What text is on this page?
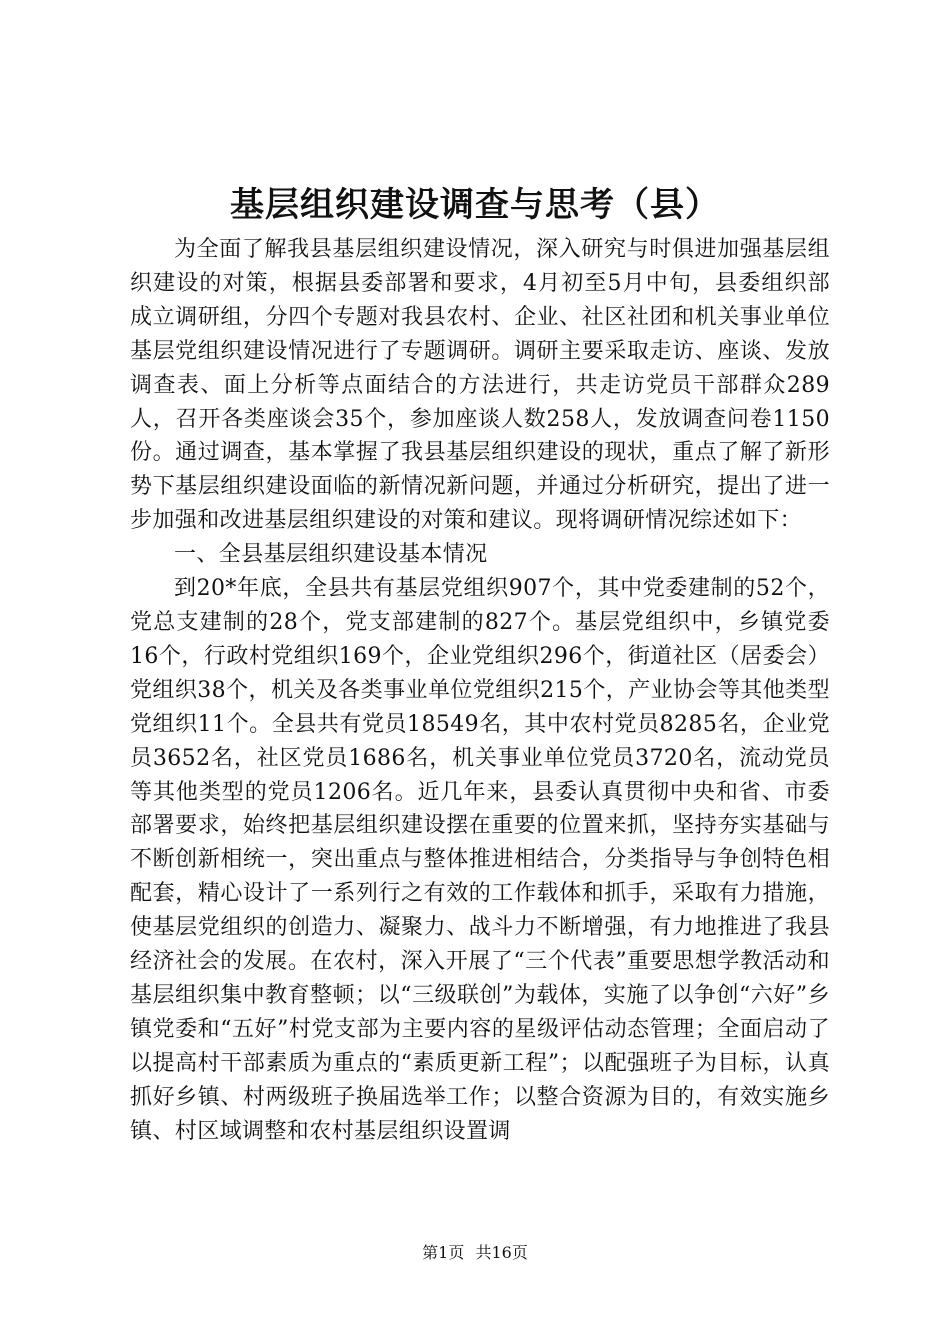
基层组织建设调查与思考（县）

为全面了解我县基层组织建设情况，深入研究与时俱进加强基层组织建设的对策，根据县委部署和要求，4月初至5月中旬，县委组织部成立调研组，分四个专题对我县农村、企业、社区社团和机关事业单位基层党组织建设情况进行了专题调研。调研主要采取走访、座谈、发放调查表、面上分析等点面结合的方法进行，共走访党员干部群众289人，召开各类座谈会35个，参加座谈人数258人，发放调查问卷1150份。通过调查，基本掌握了我县基层组织建设的现状，重点了解了新形势下基层组织建设面临的新情况新问题，并通过分析研究，提出了进一步加强和改进基层组织建设的对策和建议。现将调研情况综述如下：

一、全县基层组织建设基本情况

到20*年底，全县共有基层党组织907个，其中党委建制的52个，党总支建制的28个，党支部建制的827个。基层党组织中，乡镇党委16个，行政村党组织169个，企业党组织296个，街道社区（居委会）党组织38个，机关及各类事业单位党组织215个，产业协会等其他类型党组织11个。全县共有党员18549名，其中农村党员8285名，企业党员3652名，社区党员1686名，机关事业单位党员3720名，流动党员等其他类型的党员1206名。近几年来，县委认真贯彻中央和省、市委部署要求，始终把基层组织建设摆在重要的位置来抓，坚持夯实基础与不断创新相统一，突出重点与整体推进相结合，分类指导与争创特色相配套，精心设计了一系列行之有效的工作载体和抓手，采取有力措施，使基层党组织的创造力、凝聚力、战斗力不断增强，有力地推进了我县经济社会的发展。在农村，深入开展了“三个代表”重要思想学教活动和基层组织集中教育整顿；以“三级联创”为载体，实施了以争创“六好”乡镇党委和“五好”村党支部为主要内容的星级评估动态管理；全面启动了以提高村干部素质为重点的“素质更新工程”；以配强班子为目标，认真抓好乡镇、村两级班子换届选举工作；以整合资源为目的，有效实施乡镇、村区域调整和农村基层组织设置调

第1页 共16页
